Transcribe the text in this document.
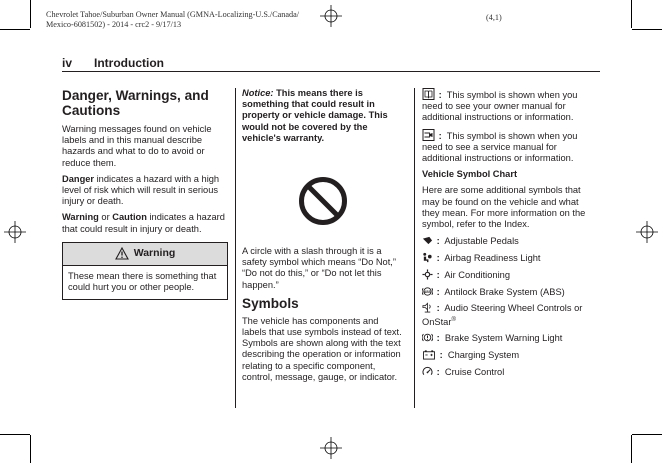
Chevrolet Tahoe/Suburban Owner Manual (GMNA-Localizing-U.S./Canada/
Mexico-6081502) - 2014 - crc2 - 9/17/13
(4,1)
iv Introduction
Danger, Warnings, and Cautions

Warning messages found on vehicle labels and in this manual describe hazards and what to do to avoid or reduce them.

Danger indicates a hazard with a high level of risk which will result in serious injury or death.

Warning or Caution indicates a hazard that could result in injury or death.

Warning
These mean there is something that could hurt you or other people.

Notice: This means there is something that could result in property or vehicle damage. This would not be covered by the vehicle's warranty.

A circle with a slash through it is a safety symbol which means “Do Not,” “Do not do this,” or “Do not let this happen.”

Symbols

The vehicle has components and labels that use symbols instead of text. Symbols are shown along with the text describing the operation or information relating to a specific component, control, message, gauge, or indicator.

: This symbol is shown when you need to see your owner manual for additional instructions or information.

: This symbol is shown when you need to see a service manual for additional instructions or information.

Vehicle Symbol Chart

Here are some additional symbols that may be found on the vehicle and what they mean. For more information on the symbol, refer to the Index.

: Adjustable Pedals
: Airbag Readiness Light
: Air Conditioning
ABS : Antilock Brake System (ABS)
: Audio Steering Wheel Controls or OnStar®
: Brake System Warning Light
: Charging System
: Cruise Control
